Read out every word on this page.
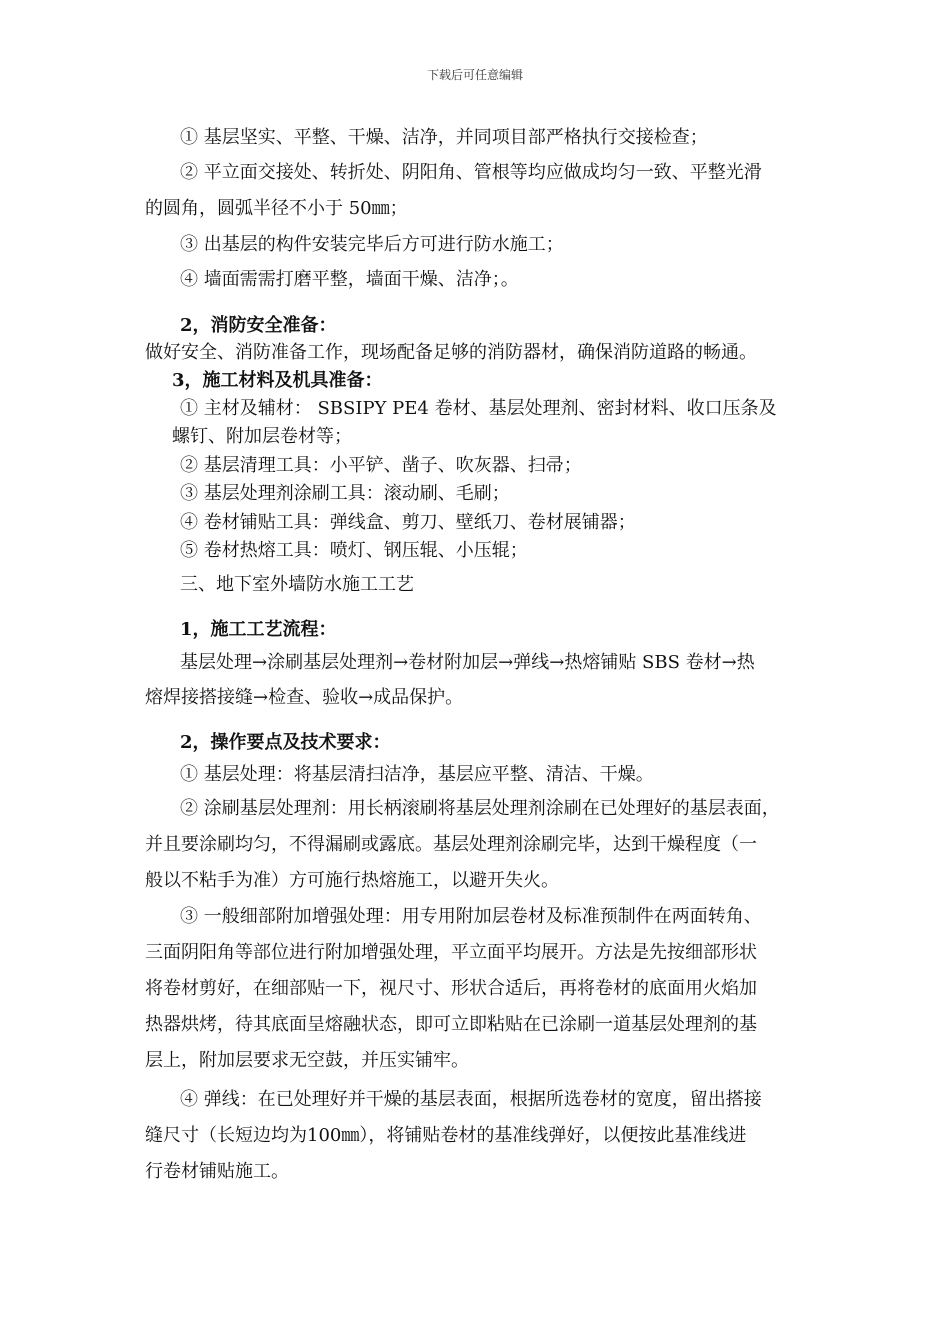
下载后可任意编辑
① 基层坚实、平整、干燥、洁净，并同项目部严格执行交接检查；
② 平立面交接处、转折处、阴阳角、管根等均应做成均匀一致、平整光滑
的圆角，圆弧半径不小于 50㎜；
③ 出基层的构件安装完毕后方可进行防水施工；
④ 墙面需需打磨平整，墙面干燥、洁净；。
2，消防安全准备：
做好安全、消防准备工作，现场配备足够的消防器材，确保消防道路的畅通。
3，施工材料及机具准备：
① 主材及辅材： SBSⅠPY PE4 卷材、基层处理剂、密封材料、收口压条及
螺钉、附加层卷材等；
② 基层清理工具：小平铲、凿子、吹灰器、扫帚；
③ 基层处理剂涂刷工具：滚动刷、毛刷；
④ 卷材铺贴工具：弹线盒、剪刀、壁纸刀、卷材展铺器；
⑤ 卷材热熔工具：喷灯、钢压辊、小压辊；
三、地下室外墙防水施工工艺
1，施工工艺流程：
基层处理→涂刷基层处理剂→卷材附加层→弹线→热熔铺贴 SBS 卷材→热
熔焊接搭接缝→检查、验收→成品保护。
2，操作要点及技术要求：
① 基层处理：将基层清扫洁净，基层应平整、清洁、干燥。
② 涂刷基层处理剂：用长柄滚刷将基层处理剂涂刷在已处理好的基层表面，
并且要涂刷均匀，不得漏刷或露底。基层处理剂涂刷完毕，达到干燥程度（一
般以不粘手为准）方可施行热熔施工，以避开失火。
③ 一般细部附加增强处理：用专用附加层卷材及标准预制件在两面转角、
三面阴阳角等部位进行附加增强处理，平立面平均展开。方法是先按细部形状
将卷材剪好，在细部贴一下，视尺寸、形状合适后，再将卷材的底面用火焰加
热器烘烤，待其底面呈熔融状态，即可立即粘贴在已涂刷一道基层处理剂的基
层上，附加层要求无空鼓，并压实铺牢。
④ 弹线：在已处理好并干燥的基层表面，根据所选卷材的宽度，留出搭接
缝尺寸（长短边均为100㎜），将铺贴卷材的基准线弹好，以便按此基准线进
行卷材铺贴施工。
